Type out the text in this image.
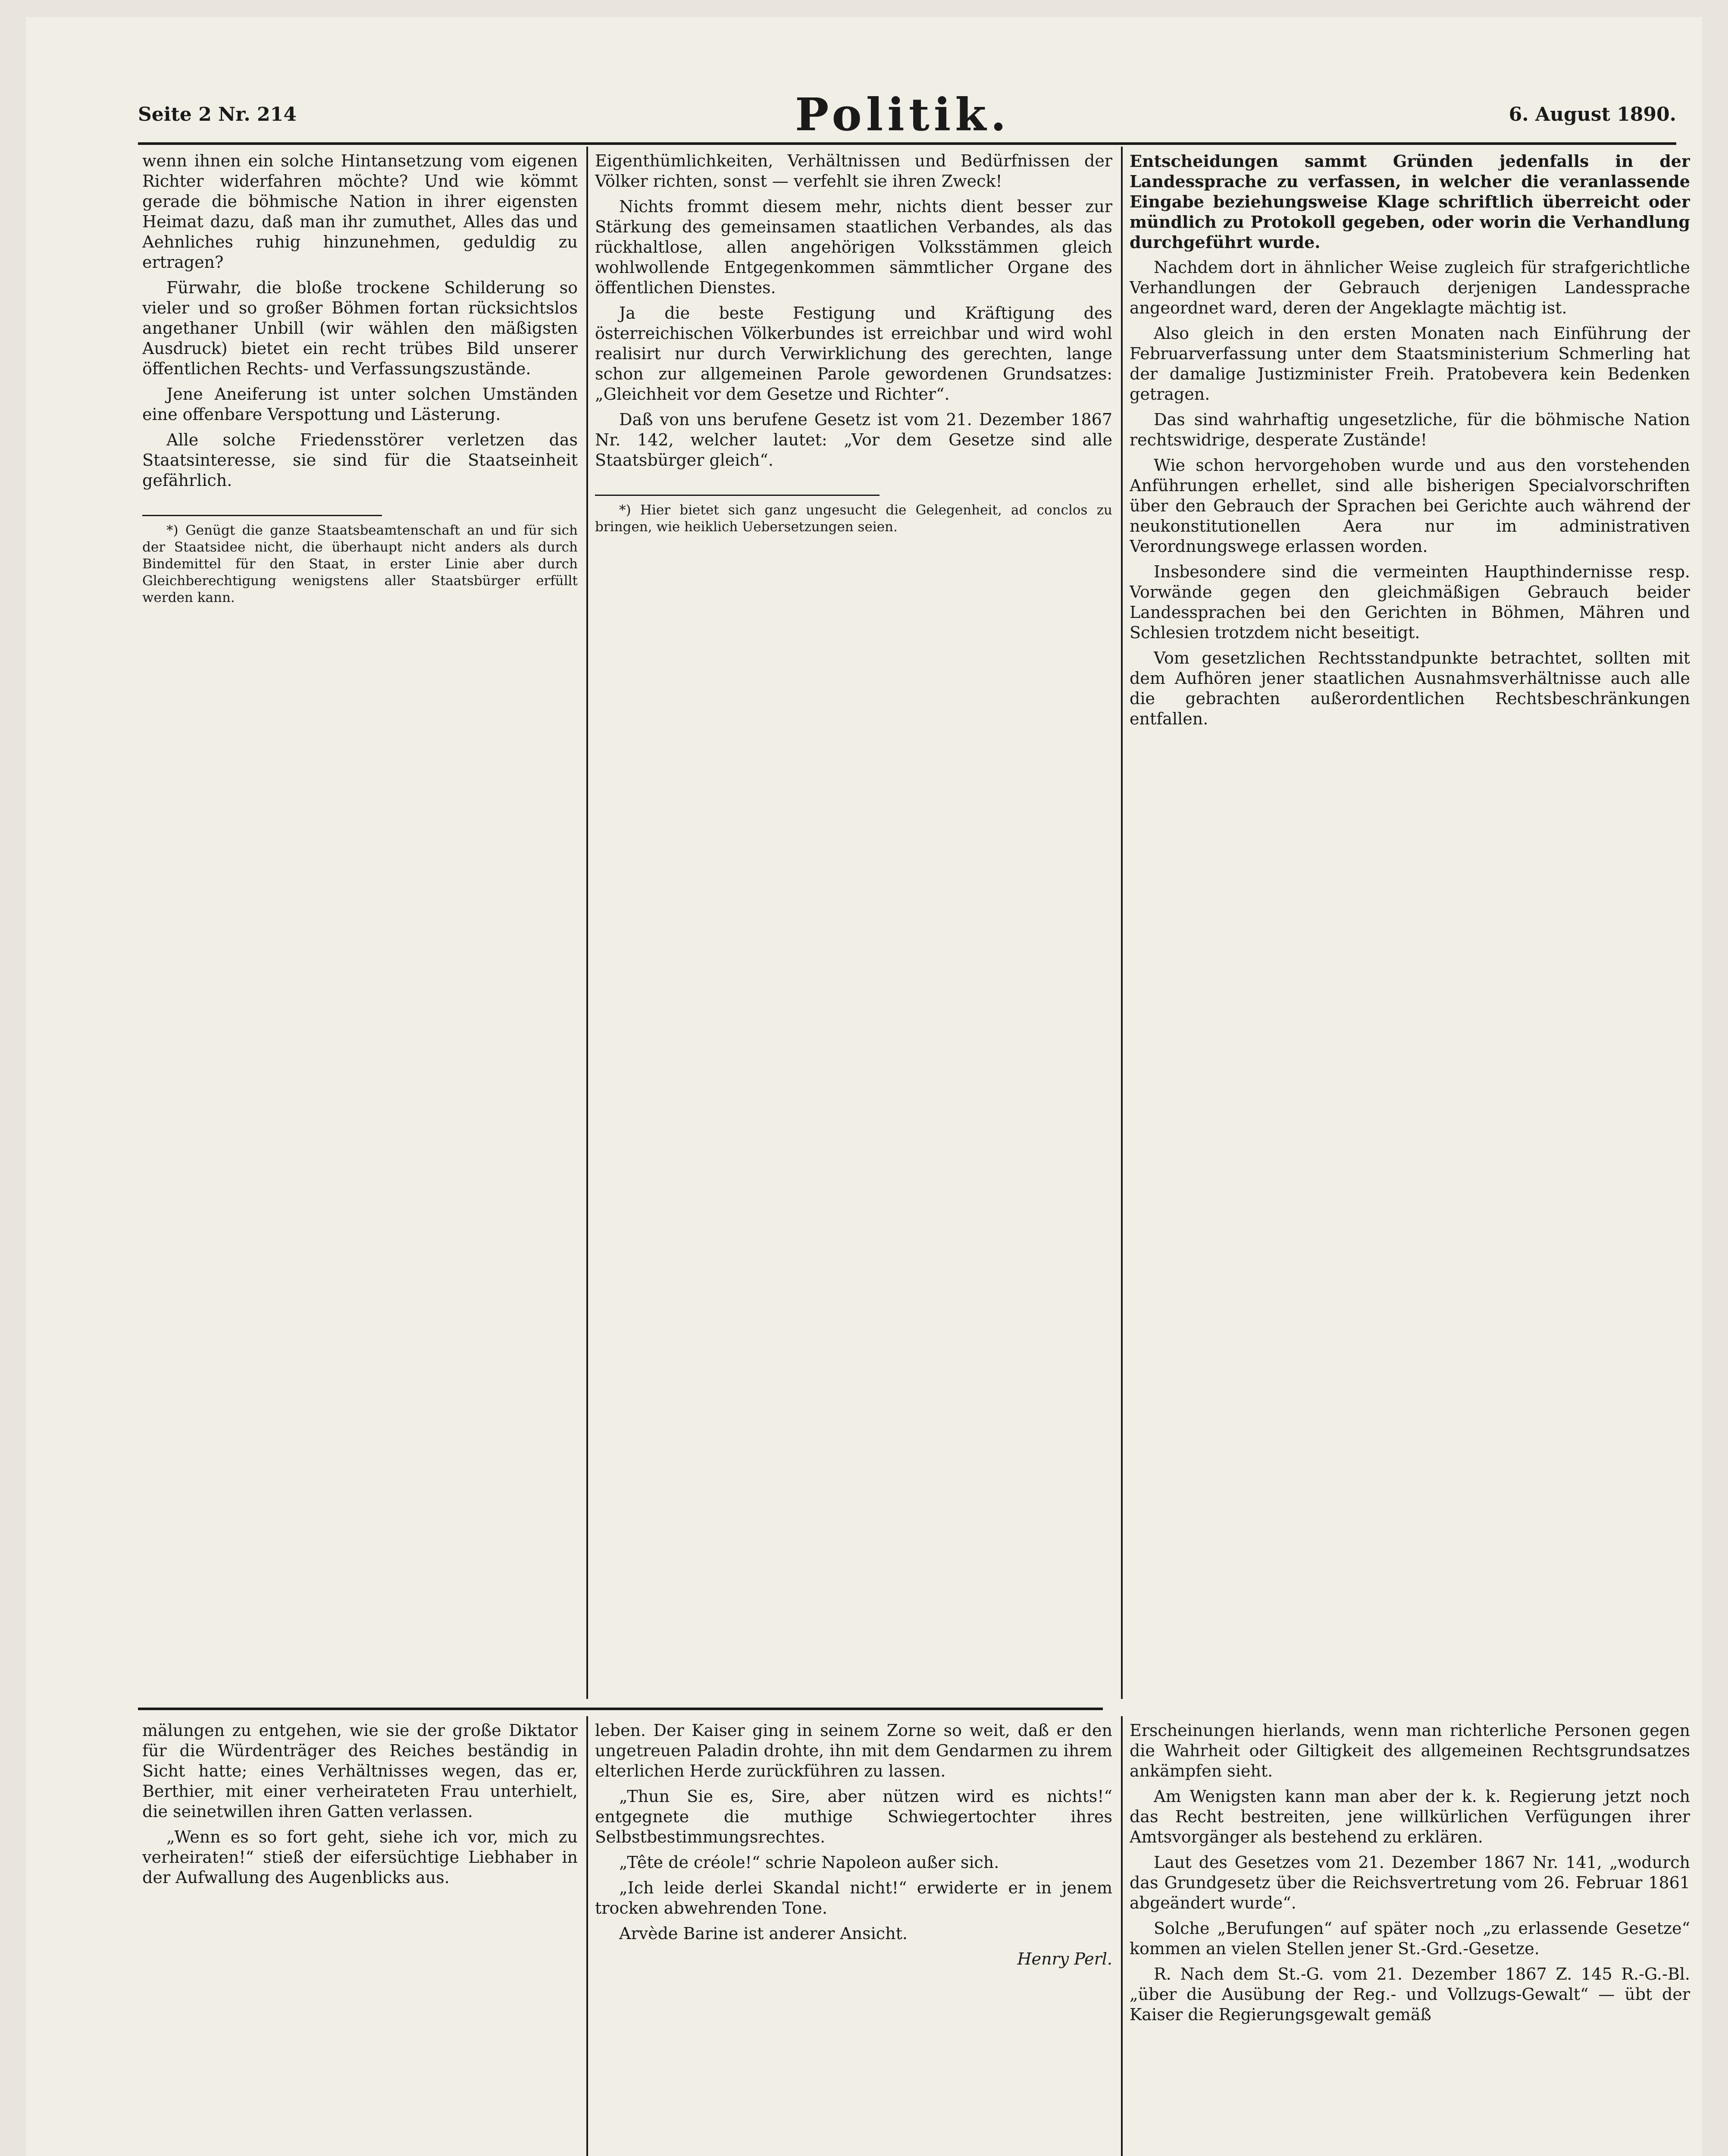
Seite 2 Nr. 214	Politik.	6. August 1890.

wenn ihnen ein solche Hintansetzung vom eigenen Richter widerfahren möchte? Und wie kömmt gerade die böhmische Nation in ihrer eigensten Heimat dazu, daß man ihr zumuthet, Alles das und Aehnliches ruhig hinzunehmen, geduldig zu ertragen?

Fürwahr, die bloße trockene Schilderung so vieler und so großer Böhmen fortan rücksichtslos angethaner Unbill (wir wählen den mäßigsten Ausdruck) bietet ein recht trübes Bild unserer öffentlichen Rechts- und Verfassungszustände.

Jene Aneiferung ist unter solchen Umständen eine offenbare Verspottung und Lästerung.

Alle solche Friedensstörer verletzen das Staatsinteresse, sie sind für die Staatseinheit gefährlich.

*) Genügt die ganze Staatsbeamtenschaft an und für sich der Staatsidee nicht, die überhaupt nicht anders als durch Bindemittel für den Staat, in erster Linie aber durch Gleichberechtigung wenigstens aller Staatsbürger erfüllt werden kann.

Eigenthümlichkeiten, Verhältnissen und Bedürfnissen der Völker richten, sonst — verfehlt sie ihren Zweck!

Nichts frommt diesem mehr, nichts dient besser zur Stärkung des gemeinsamen staatlichen Verbandes, als das rückhaltlose, allen angehörigen Volksstämmen gleich wohlwollende Entgegenkommen sämmtlicher Organe des öffentlichen Dienstes.

Ja die beste Festigung und Kräftigung des österreichischen Völkerbundes ist erreichbar und wird wohl realisirt nur durch Verwirklichung des gerechten, lange schon zur allgemeinen Parole gewordenen Grundsatzes: „Gleichheit vor dem Gesetze und Richter“.

Daß von uns berufene Gesetz ist vom 21. Dezember 1867 Nr. 142, welcher lautet: „Vor dem Gesetze sind alle Staatsbürger gleich“.

*) Hier bietet sich ganz ungesucht die Gelegenheit, ad conclos zu bringen, wie heiklich Uebersetzungen seien.

Entscheidungen sammt Gründen jedenfalls in der Landessprache zu verfassen, in welcher die veranlassende Eingabe beziehungsweise Klage schriftlich überreicht oder mündlich zu Protokoll gegeben, oder worin die Verhandlung durchgeführt wurde.

Nachdem dort in ähnlicher Weise zugleich für strafgerichtliche Verhandlungen der Gebrauch derjenigen Landessprache angeordnet ward, deren der Angeklagte mächtig ist.

Also gleich in den ersten Monaten nach Einführung der Februarverfassung unter dem Staatsministerium Schmerling hat der damalige Justizminister Freih. Pratobevera kein Bedenken getragen.

Das sind wahrhaftig ungesetzliche, für die böhmische Nation rechtswidrige, desperate Zustände!

Wie schon hervorgehoben wurde und aus den vorstehenden Anführungen erhellet, sind alle bisherigen Specialvorschriften über den Gebrauch der Sprachen bei Gerichte auch während der neukonstitutionellen Aera nur im administrativen Verordnungswege erlassen worden.

Insbesondere sind die vermeinten Haupthindernisse resp. Vorwände gegen den gleichmäßigen Gebrauch beider Landessprachen bei den Gerichten in Böhmen, Mähren und Schlesien trotzdem nicht beseitigt.

Vom gesetzlichen Rechtsstandpunkte betrachtet, sollten mit dem Aufhören jener staatlichen Ausnahmsverhältnisse auch alle die gebrachten außerordentlichen Rechtsbeschränkungen entfallen.

mälungen zu entgehen, wie sie der große Diktator für die Würdenträger des Reiches beständig in Sicht hatte; eines Verhältnisses wegen, das er, Berthier, mit einer verheirateten Frau unterhielt, die seinetwillen ihren Gatten verlassen.

„Wenn es so fort geht, siehe ich vor, mich zu verheiraten!“ stieß der eifersüchtige Liebhaber in der Aufwallung des Augenblicks aus.

leben. Der Kaiser ging in seinem Zorne so weit, daß er den ungetreuen Paladin drohte, ihn mit dem Gendarmen zu ihrem elterlichen Herde zurückführen zu lassen.

„Thun Sie es, Sire, aber nützen wird es nichts!“ entgegnete die muthige Schwiegertochter ihres Selbstbestimmungsrechtes.

„Tête de créole!“ schrie Napoleon außer sich.

„Ich leide derlei Skandal nicht!“ erwiderte er in jenem trocken abwehrenden Tone.

Arvède Barine ist anderer Ansicht.

Henry Perl.

Erscheinungen hierlands, wenn man richterliche Personen gegen die Wahrheit oder Giltigkeit des allgemeinen Rechtsgrundsatzes ankämpfen sieht.

Am Wenigsten kann man aber der k. k. Regierung jetzt noch das Recht bestreiten, jene willkürlichen Verfügungen ihrer Amtsvorgänger als bestehend zu erklären.

Laut des Gesetzes vom 21. Dezember 1867 Nr. 141, „wodurch das Grundgesetz über die Reichsvertretung vom 26. Februar 1861 abgeändert wurde“.

Solche „Berufungen“ auf später noch „zu erlassende Gesetze“ kommen an vielen Stellen jener St.-Grd.-Gesetze.

R. Nach dem St.-G. vom 21. Dezember 1867 Z. 145 R.-G.-Bl. „über die Ausübung der Reg.- und Vollzugs-Gewalt“ — übt der Kaiser die Regierungsgewalt gemäß
